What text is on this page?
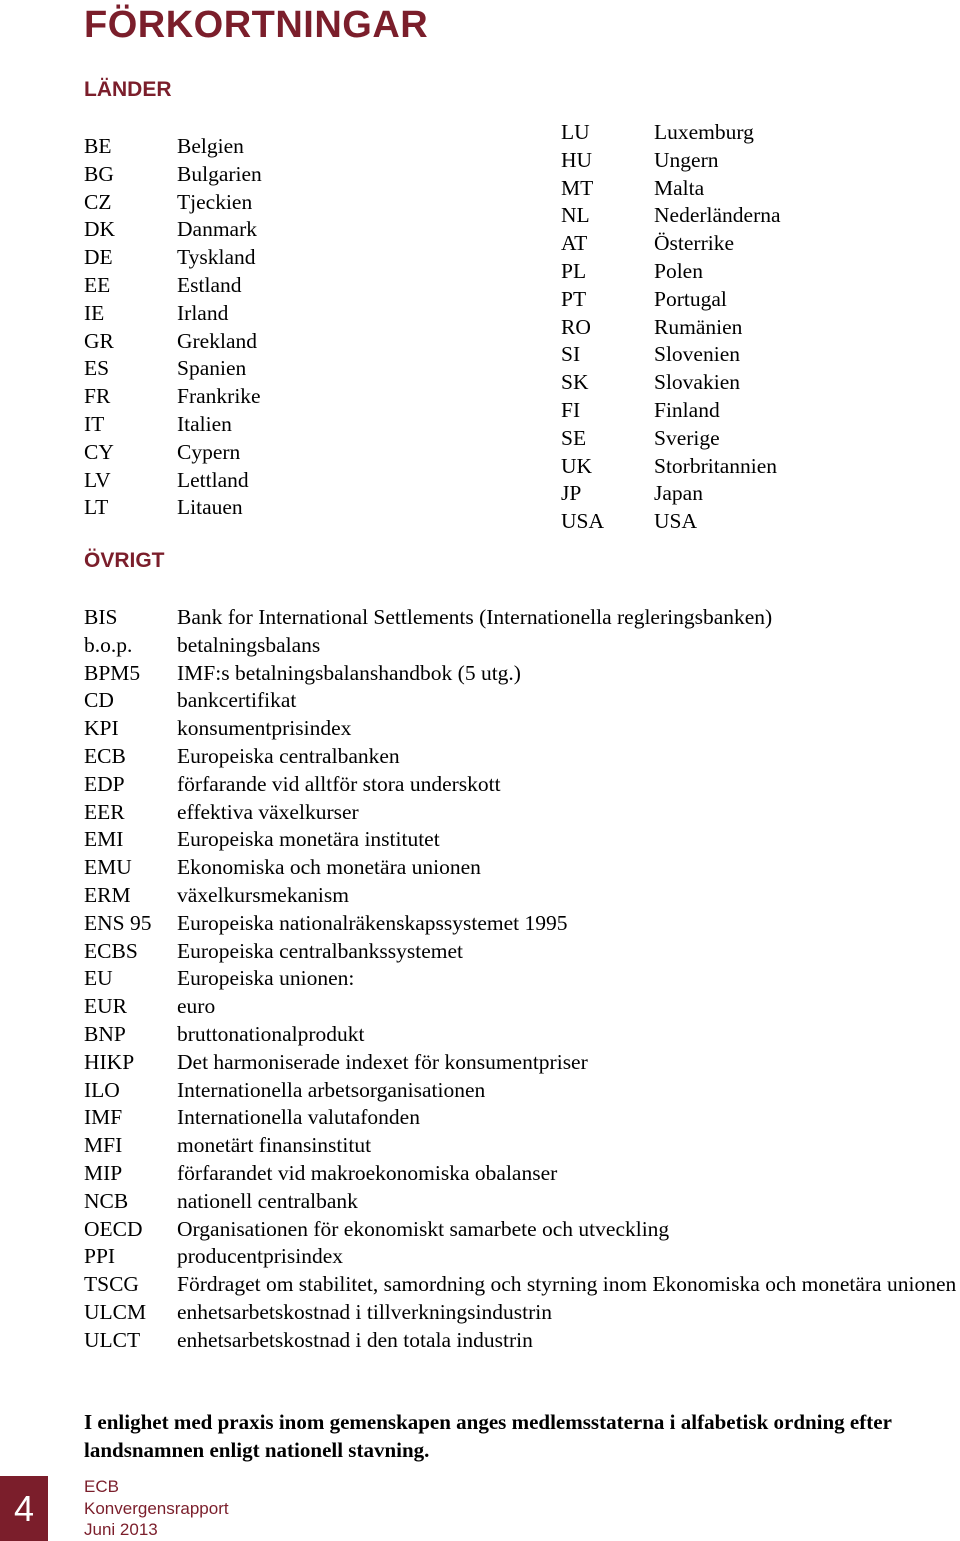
FÖRKORTNINGAR
LÄNDER
BE	Belgien
BG	Bulgarien
CZ	Tjeckien
DK	Danmark
DE	Tyskland
EE	Estland
IE	Irland
GR	Grekland
ES	Spanien
FR	Frankrike
IT	Italien
CY	Cypern
LV	Lettland
LT	Litauen
LU	Luxemburg
HU	Ungern
MT	Malta
NL	Nederländerna
AT	Österrike
PL	Polen
PT	Portugal
RO	Rumänien
SI	Slovenien
SK	Slovakien
FI	Finland
SE	Sverige
UK	Storbritannien
JP	Japan
USA	USA
ÖVRIGT
BIS	Bank for International Settlements (Internationella regleringsbanken)
b.o.p.	betalningsbalans
BPM5	IMF:s betalningsbalanshandbok (5 utg.)
CD	bankcertifikat
KPI	konsumentprisindex
ECB	Europeiska centralbanken
EDP	förfarande vid alltför stora underskott
EER	effektiva växelkurser
EMI	Europeiska monetära institutet
EMU	Ekonomiska och monetära unionen
ERM	växelkursmekanism
ENS 95	Europeiska nationalräkenskapssystemet 1995
ECBS	Europeiska centralbankssystemet
EU	Europeiska unionen:
EUR	euro
BNP	bruttonationalprodukt
HIKP	Det harmoniserade indexet för konsumentpriser
ILO	Internationella arbetsorganisationen
IMF	Internationella valutafonden
MFI	monetärt finansinstitut
MIP	förfarandet vid makroekonomiska obalanser
NCB	nationell centralbank
OECD	Organisationen för ekonomiskt samarbete och utveckling
PPI	producentprisindex
TSCG Fördraget om stabilitet, samordning och styrning inom Ekonomiska och monetära unionen
ULCM	enhetsarbetskostnad i tillverkningsindustrin
ULCT	enhetsarbetskostnad i den totala industrin
I enlighet med praxis inom gemenskapen anges medlemsstaterna i alfabetisk ordning efter landsnamnen enligt nationell stavning.
4
ECB
Konvergensrapport
Juni 2013
